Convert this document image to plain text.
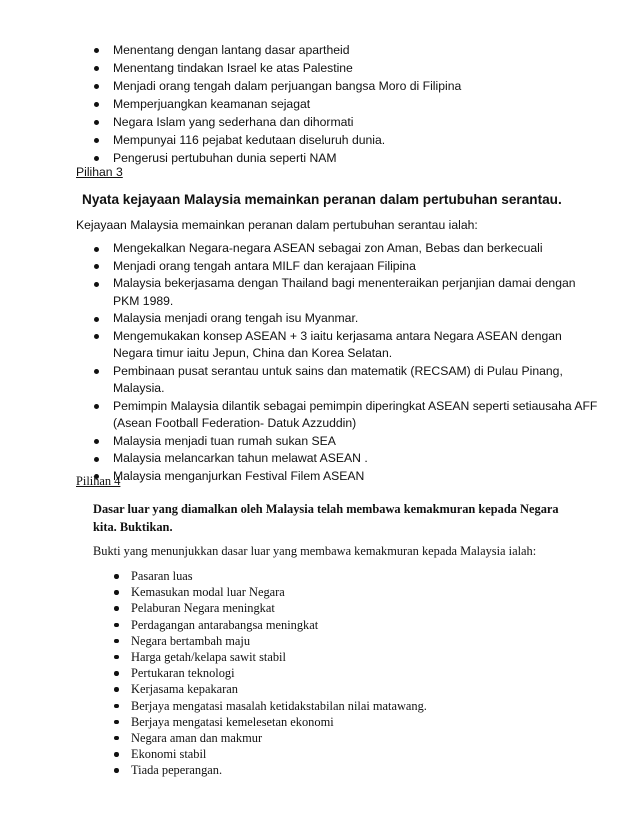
Menentang dengan lantang dasar apartheid
Menentang tindakan Israel ke atas Palestine
Menjadi orang tengah dalam perjuangan bangsa Moro di Filipina
Memperjuangkan keamanan sejagat
Negara Islam yang sederhana dan dihormati
Mempunyai 116 pejabat kedutaan diseluruh dunia.
Pengerusi pertubuhan dunia seperti NAM
Pilihan 3
Nyata kejayaan Malaysia memainkan peranan dalam pertubuhan serantau.
Kejayaan Malaysia memainkan peranan dalam pertubuhan serantau ialah:
Mengekalkan Negara-negara ASEAN sebagai zon Aman, Bebas dan berkecuali
Menjadi orang tengah antara MILF dan kerajaan Filipina
Malaysia bekerjasama dengan Thailand bagi menenteraikan perjanjian damai dengan PKM 1989.
Malaysia menjadi orang tengah isu Myanmar.
Mengemukakan konsep ASEAN + 3 iaitu kerjasama antara Negara ASEAN dengan Negara timur iaitu Jepun, China dan Korea Selatan.
Pembinaan pusat serantau untuk sains dan matematik (RECSAM) di Pulau Pinang, Malaysia.
Pemimpin Malaysia dilantik sebagai pemimpin diperingkat ASEAN seperti setiausaha AFF (Asean Football Federation- Datuk Azzuddin)
Malaysia menjadi tuan rumah sukan SEA
Malaysia melancarkan tahun melawat ASEAN .
Malaysia menganjurkan Festival Filem ASEAN
Pilihan 4
Dasar luar yang diamalkan oleh Malaysia telah membawa kemakmuran kepada Negara kita. Buktikan.
Bukti yang menunjukkan dasar luar yang membawa kemakmuran kepada Malaysia ialah:
Pasaran luas
Kemasukan modal luar Negara
Pelaburan Negara meningkat
Perdagangan antarabangsa meningkat
Negara bertambah maju
Harga getah/kelapa sawit stabil
Pertukaran teknologi
Kerjasama kepakaran
Berjaya mengatasi masalah ketidakstabilan nilai matawang.
Berjaya mengatasi kemelesetan ekonomi
Negara aman dan makmur
Ekonomi stabil
Tiada peperangan.
